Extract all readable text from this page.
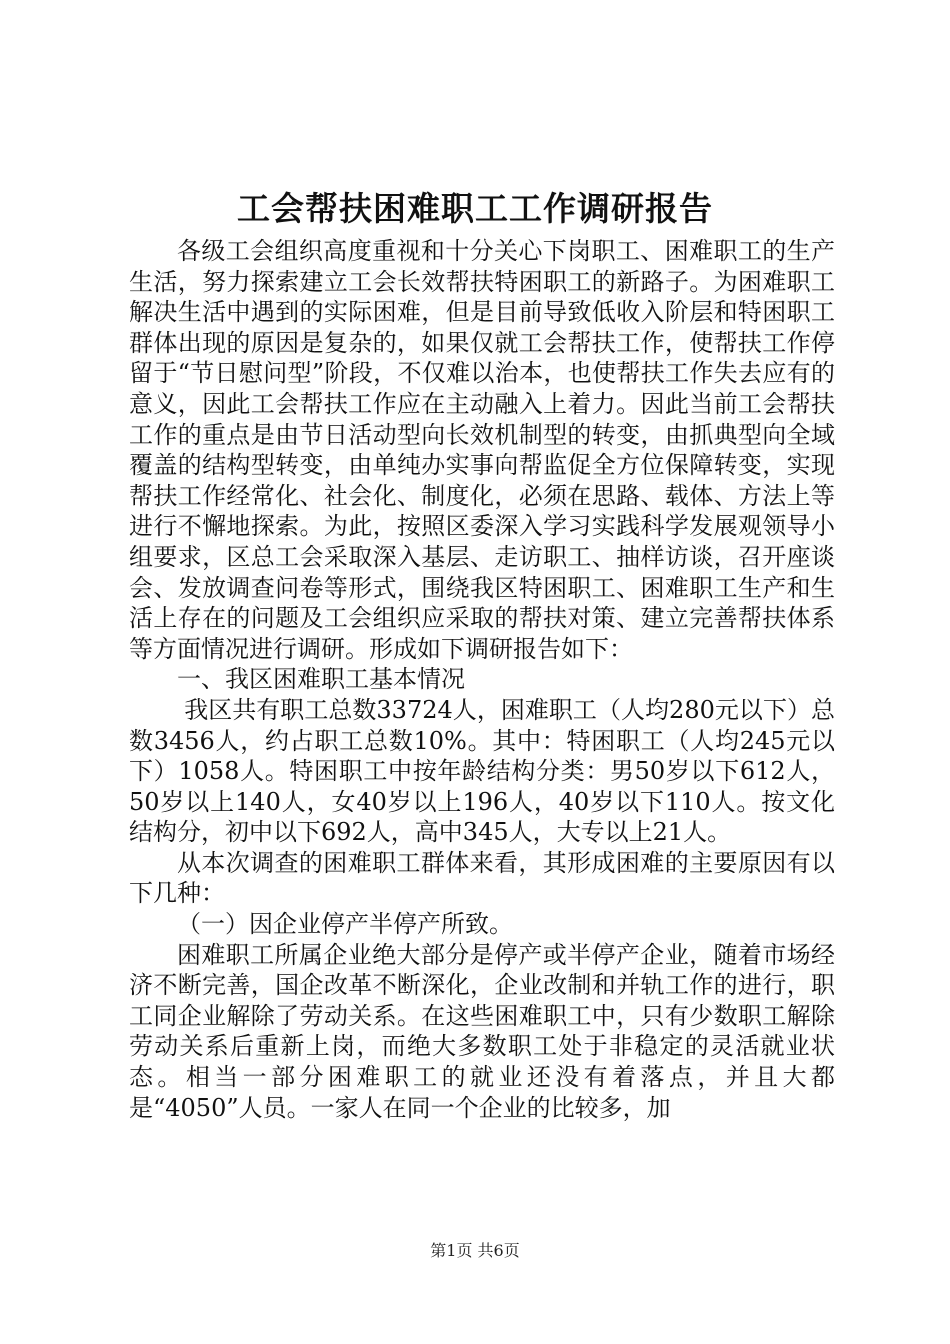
工会帮扶困难职工工作调研报告

各级工会组织高度重视和十分关心下岗职工、困难职工的生产生活，努力探索建立工会长效帮扶特困职工的新路子。为困难职工解决生活中遇到的实际困难，但是目前导致低收入阶层和特困职工群体出现的原因是复杂的，如果仅就工会帮扶工作，使帮扶工作停留于“节日慰问型”阶段，不仅难以治本，也使帮扶工作失去应有的意义，因此工会帮扶工作应在主动融入上着力。因此当前工会帮扶工作的重点是由节日活动型向长效机制型的转变，由抓典型向全域覆盖的结构型转变，由单纯办实事向帮监促全方位保障转变，实现帮扶工作经常化、社会化、制度化，必须在思路、载体、方法上等进行不懈地探索。为此，按照区委深入学习实践科学发展观领导小组要求，区总工会采取深入基层、走访职工、抽样访谈，召开座谈会、发放调查问卷等形式，围绕我区特困职工、困难职工生产和生活上存在的问题及工会组织应采取的帮扶对策、建立完善帮扶体系等方面情况进行调研。形成如下调研报告如下：

一、我区困难职工基本情况

我区共有职工总数33724人，困难职工（人均280元以下）总数3456人，约占职工总数10%。其中：特困职工（人均245元以下）1058人。特困职工中按年龄结构分类：男50岁以下612人，50岁以上140人，女40岁以上196人，40岁以下110人。按文化结构分，初中以下692人，高中345人，大专以上21人。

从本次调查的困难职工群体来看，其形成困难的主要原因有以下几种：

（一）因企业停产半停产所致。

困难职工所属企业绝大部分是停产或半停产企业，随着市场经济不断完善，国企改革不断深化，企业改制和并轨工作的进行，职工同企业解除了劳动关系。在这些困难职工中，只有少数职工解除劳动关系后重新上岗，而绝大多数职工处于非稳定的灵活就业状态。相当一部分困难职工的就业还没有着落点，并且大都是“4050”人员。一家人在同一个企业的比较多，加

第1页 共6页
